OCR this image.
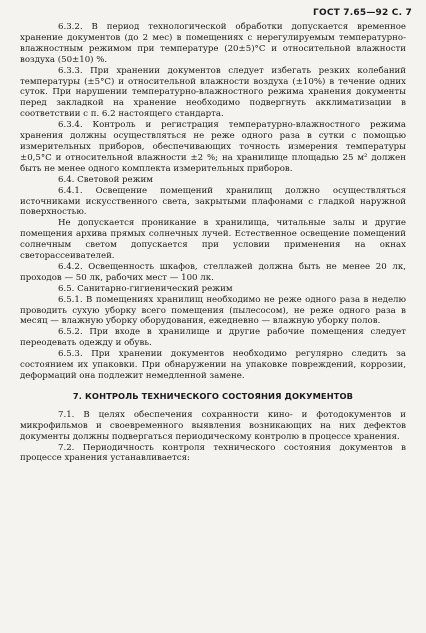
ГОСТ 7.65—92 С. 7

6.3.2. В период технологической обработки допускается временное хранение документов (до 2 мес) в помещениях с нерегулируемым температурно-влажностным режимом при температуре (20±5)°С и относительной влажности воздуха (50±10) %.

6.3.3. При хранении документов следует избегать резких колебаний температуры (±5°С) и относительной влажности воздуха (±10%) в течение одних суток. При нарушении температурно-влажностного режима хранения документы перед закладкой на хранение необходимо подвергнуть акклиматизации в соответствии с п. 6.2 настоящего стандарта.

6.3.4. Контроль и регистрация температурно-влажностного режима хранения должны осуществляться не реже одного раза в сутки с помощью измерительных приборов, обеспечивающих точность измерения температуры ±0,5°С и относительной влажности ±2 %; на хранилище площадью 25 м² должен быть не менее одного комплекта измерительных приборов.

6.4. Световой режим

6.4.1. Освещение помещений хранилищ должно осуществляться источниками искусственного света, закрытыми плафонами с гладкой наружной поверхностью.

Не допускается проникание в хранилища, читальные залы и другие помещения архива прямых солнечных лучей. Естественное освещение помещений солнечным светом допускается при условии применения на окнах светорассеивателей.

6.4.2. Освещенность шкафов, стеллажей должна быть не менее 20 лк, проходов — 50 лк, рабочих мест — 100 лк.

6.5. Санитарно-гигиенический режим

6.5.1. В помещениях хранилищ необходимо не реже одного раза в неделю проводить сухую уборку всего помещения (пылесосом), не реже одного раза в месяц — влажную уборку оборудования, ежедневно — влажную уборку полов.

6.5.2. При входе в хранилище и другие рабочие помещения следует переодевать одежду и обувь.

6.5.3. При хранении документов необходимо регулярно следить за состоянием их упаковки. При обнаружении на упаковке повреждений, коррозии, деформаций она подлежит немедленной замене.

7. КОНТРОЛЬ ТЕХНИЧЕСКОГО СОСТОЯНИЯ ДОКУМЕНТОВ

7.1. В целях обеспечения сохранности кино- и фотодокументов и микрофильмов и своевременного выявления возникающих на них дефектов документы должны подвергаться периодическому контролю в процессе хранения.

7.2. Периодичность контроля технического состояния документов в процессе хранения устанавливается:
